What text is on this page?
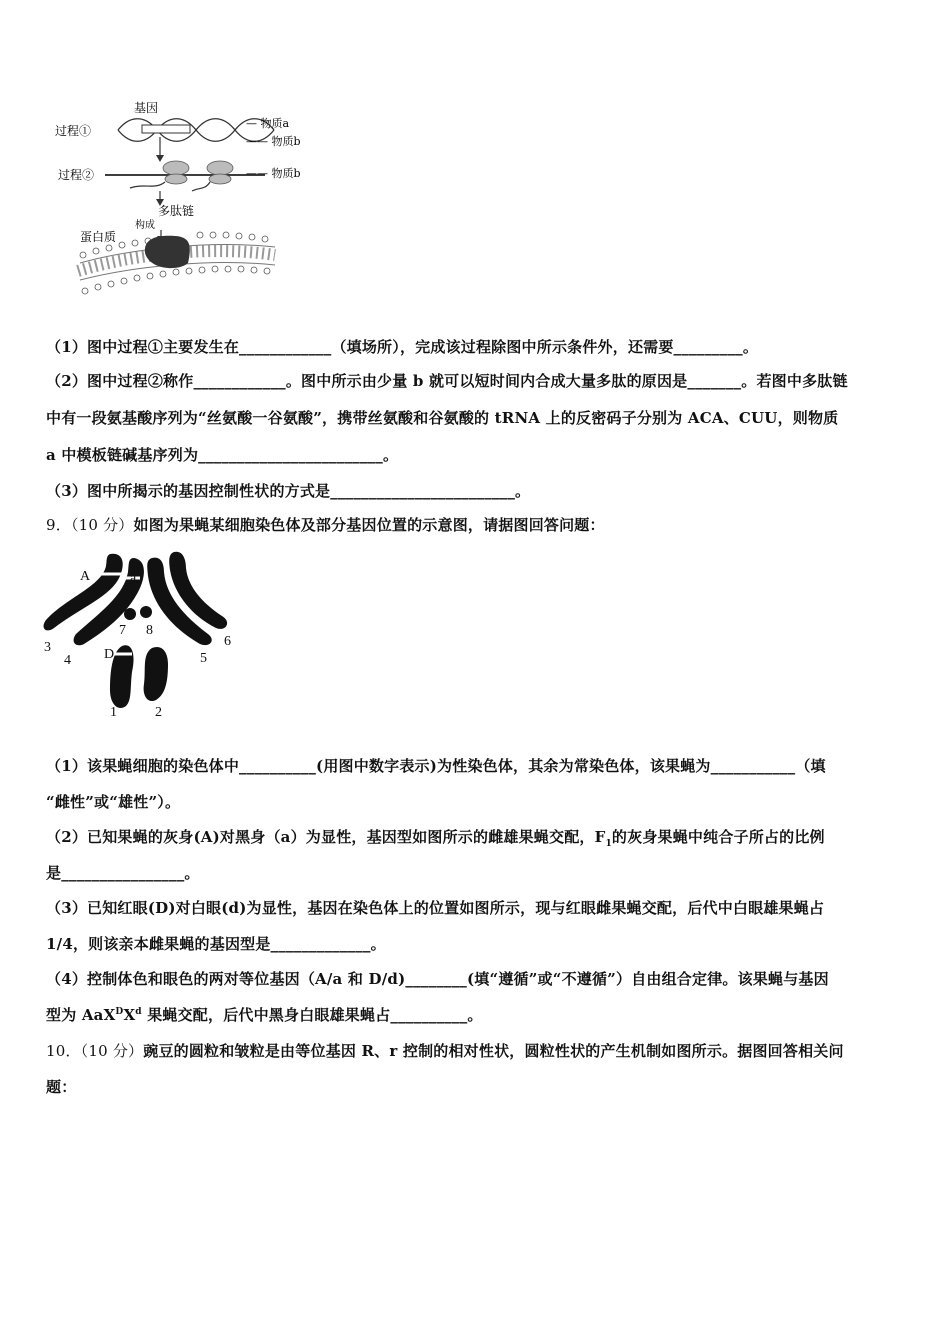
基因
过程①
— 物质a
—— 物质b
过程②	—— 物质b
多肽链
构成
蛋白质
（1）图中过程①主要发生在____________（填场所），完成该过程除图中所示条件外，还需要_________。
（2）图中过程②称作____________。图中所示由少量 b 就可以短时间内合成大量多肽的原因是_______。若图中多肽链
中有一段氨基酸序列为“丝氨酸一谷氨酸”，携带丝氨酸和谷氨酸的 tRNA 上的反密码子分别为 ACA、CUU，则物质
a 中模板链碱基序列为________________________。
（3）图中所揭示的基因控制性状的方式是________________________。
9．（10 分）如图为果蝇某细胞染色体及部分基因位置的示意图，请据图回答问题：
A	a
D
1	2
3
4	5
6
7 8
（1）该果蝇细胞的染色体中__________(用图中数字表示)为性染色体，其余为常染色体，该果蝇为___________（填
“雌性”或“雄性”）。
（2）已知果蝇的灰身(A)对黑身（a）为显性，基因型如图所示的雌雄果蝇交配，$F_1$的灰身果蝇中纯合子所占的比例
是________________。
（3）已知红眼(D)对白眼(d)为显性，基因在染色体上的位置如图所示，现与红眼雌果蝇交配，后代中白眼雄果蝇占
1/4，则该亲本雌果蝇的基因型是_____________。
（4）控制体色和眼色的两对等位基因（A/a 和 D/d)________(填“遵循”或“不遵循”）自由组合定律。该果蝇与基因
型为 $AaX^DX^d$ 果蝇交配，后代中黑身白眼雄果蝇占__________。
10．（10 分）豌豆的圆粒和皱粒是由等位基因 R、r 控制的相对性状，圆粒性状的产生机制如图所示。据图回答相关问
题：
